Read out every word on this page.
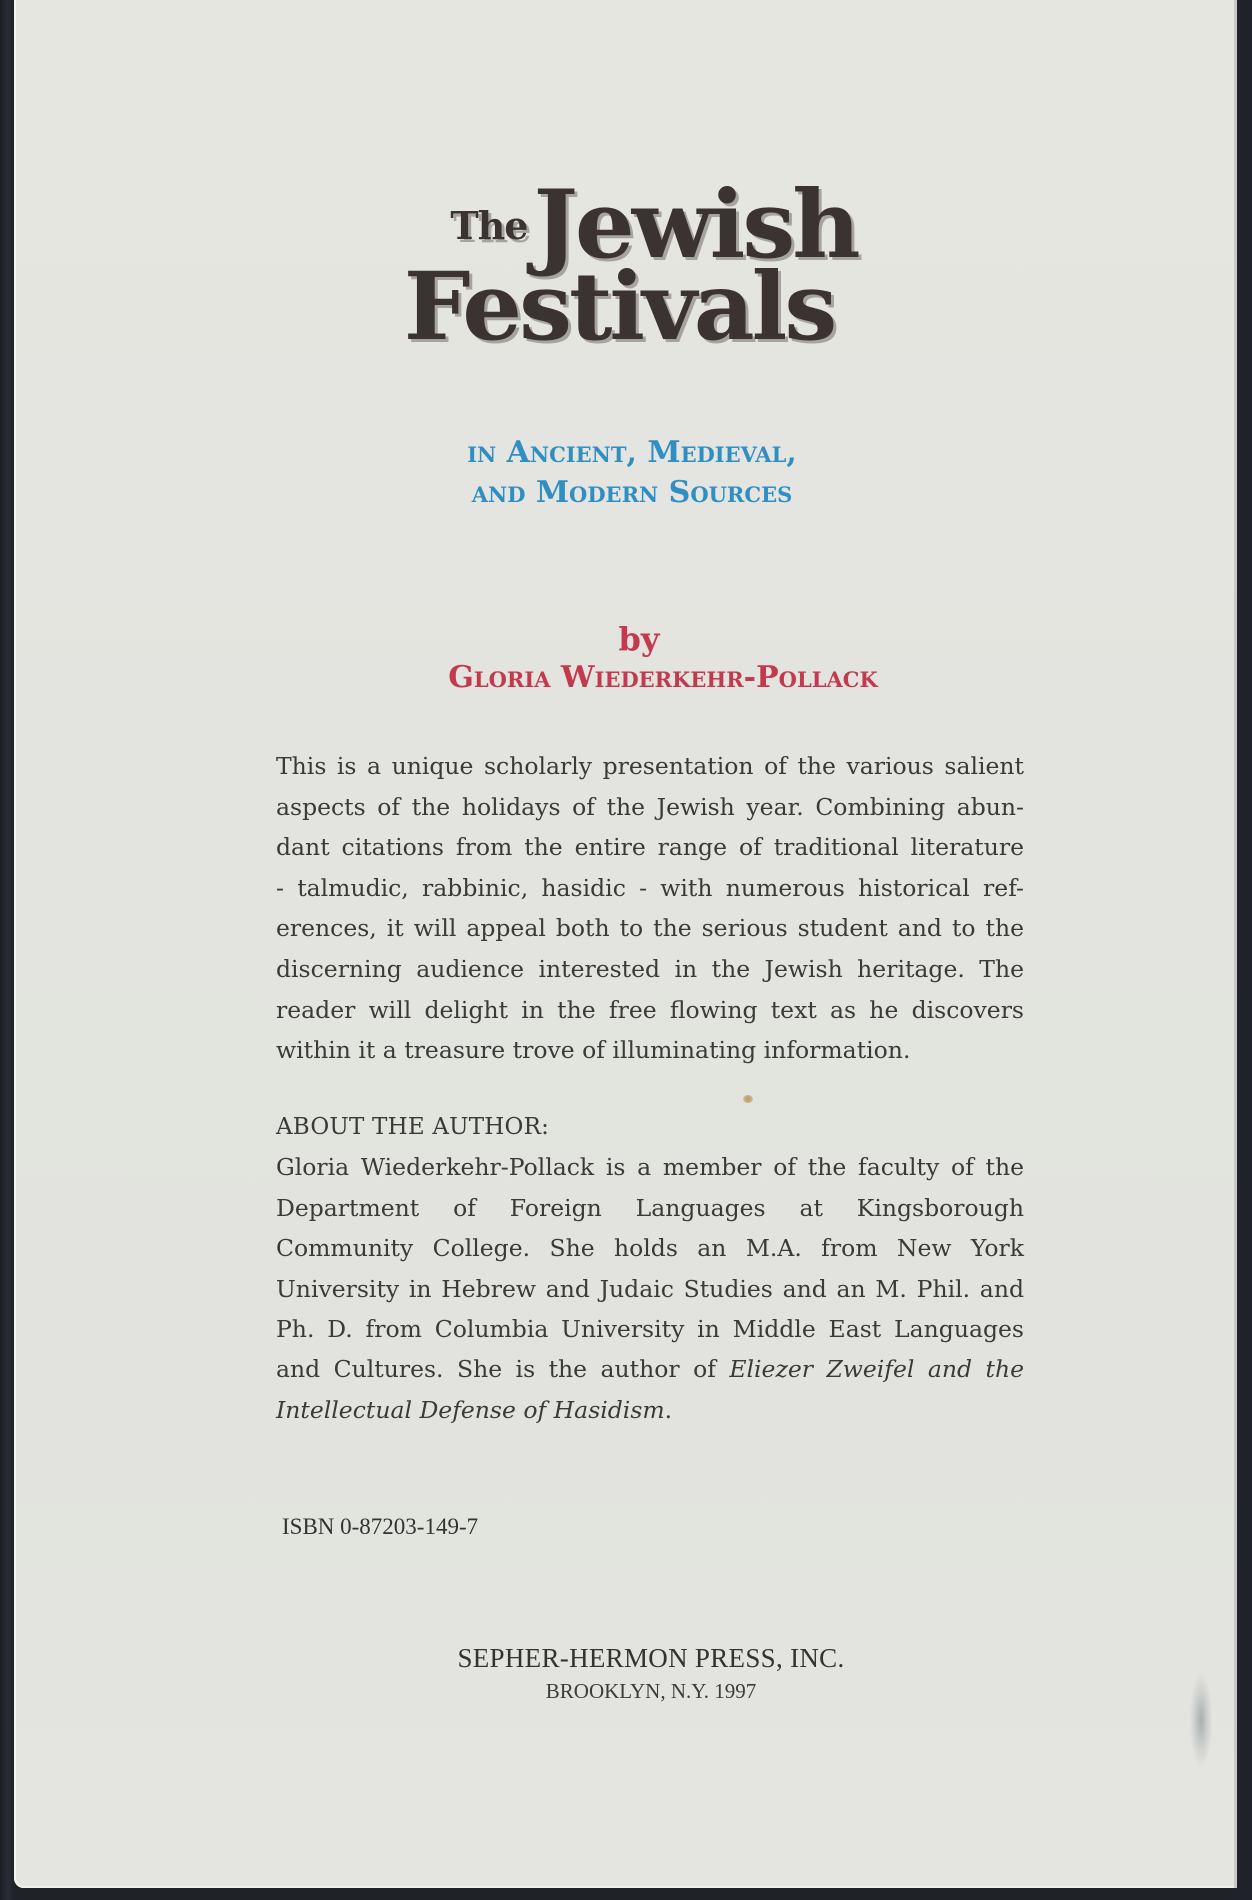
TheJewish
Festivals
in Ancient, Medieval,
and Modern Sources
by
Gloria Wiederkehr-Pollack
This is a unique scholarly presentation of the various salient
aspects of the holidays of the Jewish year. Combining abun-
dant citations from the entire range of traditional literature
- talmudic, rabbinic, hasidic - with numerous historical ref-
erences, it will appeal both to the serious student and to the
discerning audience interested in the Jewish heritage. The
reader will delight in the free flowing text as he discovers
within it a treasure trove of illuminating information.
ABOUT THE AUTHOR:
Gloria Wiederkehr-Pollack is a member of the faculty of the
Department of Foreign Languages at Kingsborough
Community College. She holds an M.A. from New York
University in Hebrew and Judaic Studies and an M. Phil. and
Ph. D. from Columbia University in Middle East Languages
and Cultures. She is the author of Eliezer Zweifel and the
Intellectual Defense of Hasidism.
ISBN 0-87203-149-7
SEPHER-HERMON PRESS, INC.
BROOKLYN, N.Y. 1997
